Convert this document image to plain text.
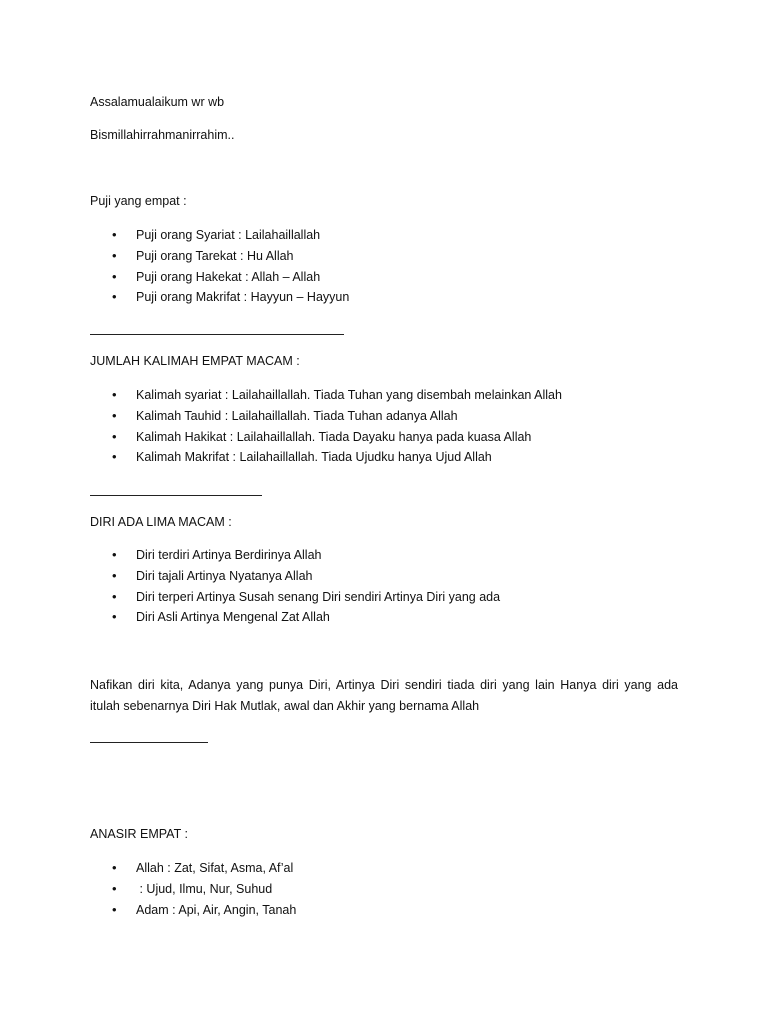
Assalamualaikum wr wb
Bismillahirrahmanirrahim..
Puji yang empat :
• Puji orang Syariat : Lailahaillallah
• Puji orang Tarekat : Hu Allah
• Puji orang Hakekat : Allah – Allah
• Puji orang Makrifat : Hayyun – Hayyun
JUMLAH KALIMAH EMPAT MACAM :
• Kalimah syariat : Lailahaillallah. Tiada Tuhan yang disembah melainkan Allah
• Kalimah Tauhid : Lailahaillallah. Tiada Tuhan adanya Allah
• Kalimah Hakikat : Lailahaillallah. Tiada Dayaku hanya pada kuasa Allah
• Kalimah Makrifat : Lailahaillallah. Tiada Ujudku hanya Ujud Allah
DIRI ADA LIMA MACAM :
• Diri terdiri Artinya Berdirinya Allah
• Diri tajali Artinya Nyatanya Allah
• Diri terperi Artinya Susah senang Diri sendiri Artinya Diri yang ada
• Diri Asli Artinya Mengenal Zat Allah
Nafikan diri kita, Adanya yang punya Diri, Artinya Diri sendiri tiada diri yang lain Hanya diri yang ada
itulah sebenarnya Diri Hak Mutlak, awal dan Akhir yang bernama Allah
ANASIR EMPAT :
• Allah : Zat, Sifat, Asma, Af’al
•  : Ujud, Ilmu, Nur, Suhud
• Adam : Api, Air, Angin, Tanah
